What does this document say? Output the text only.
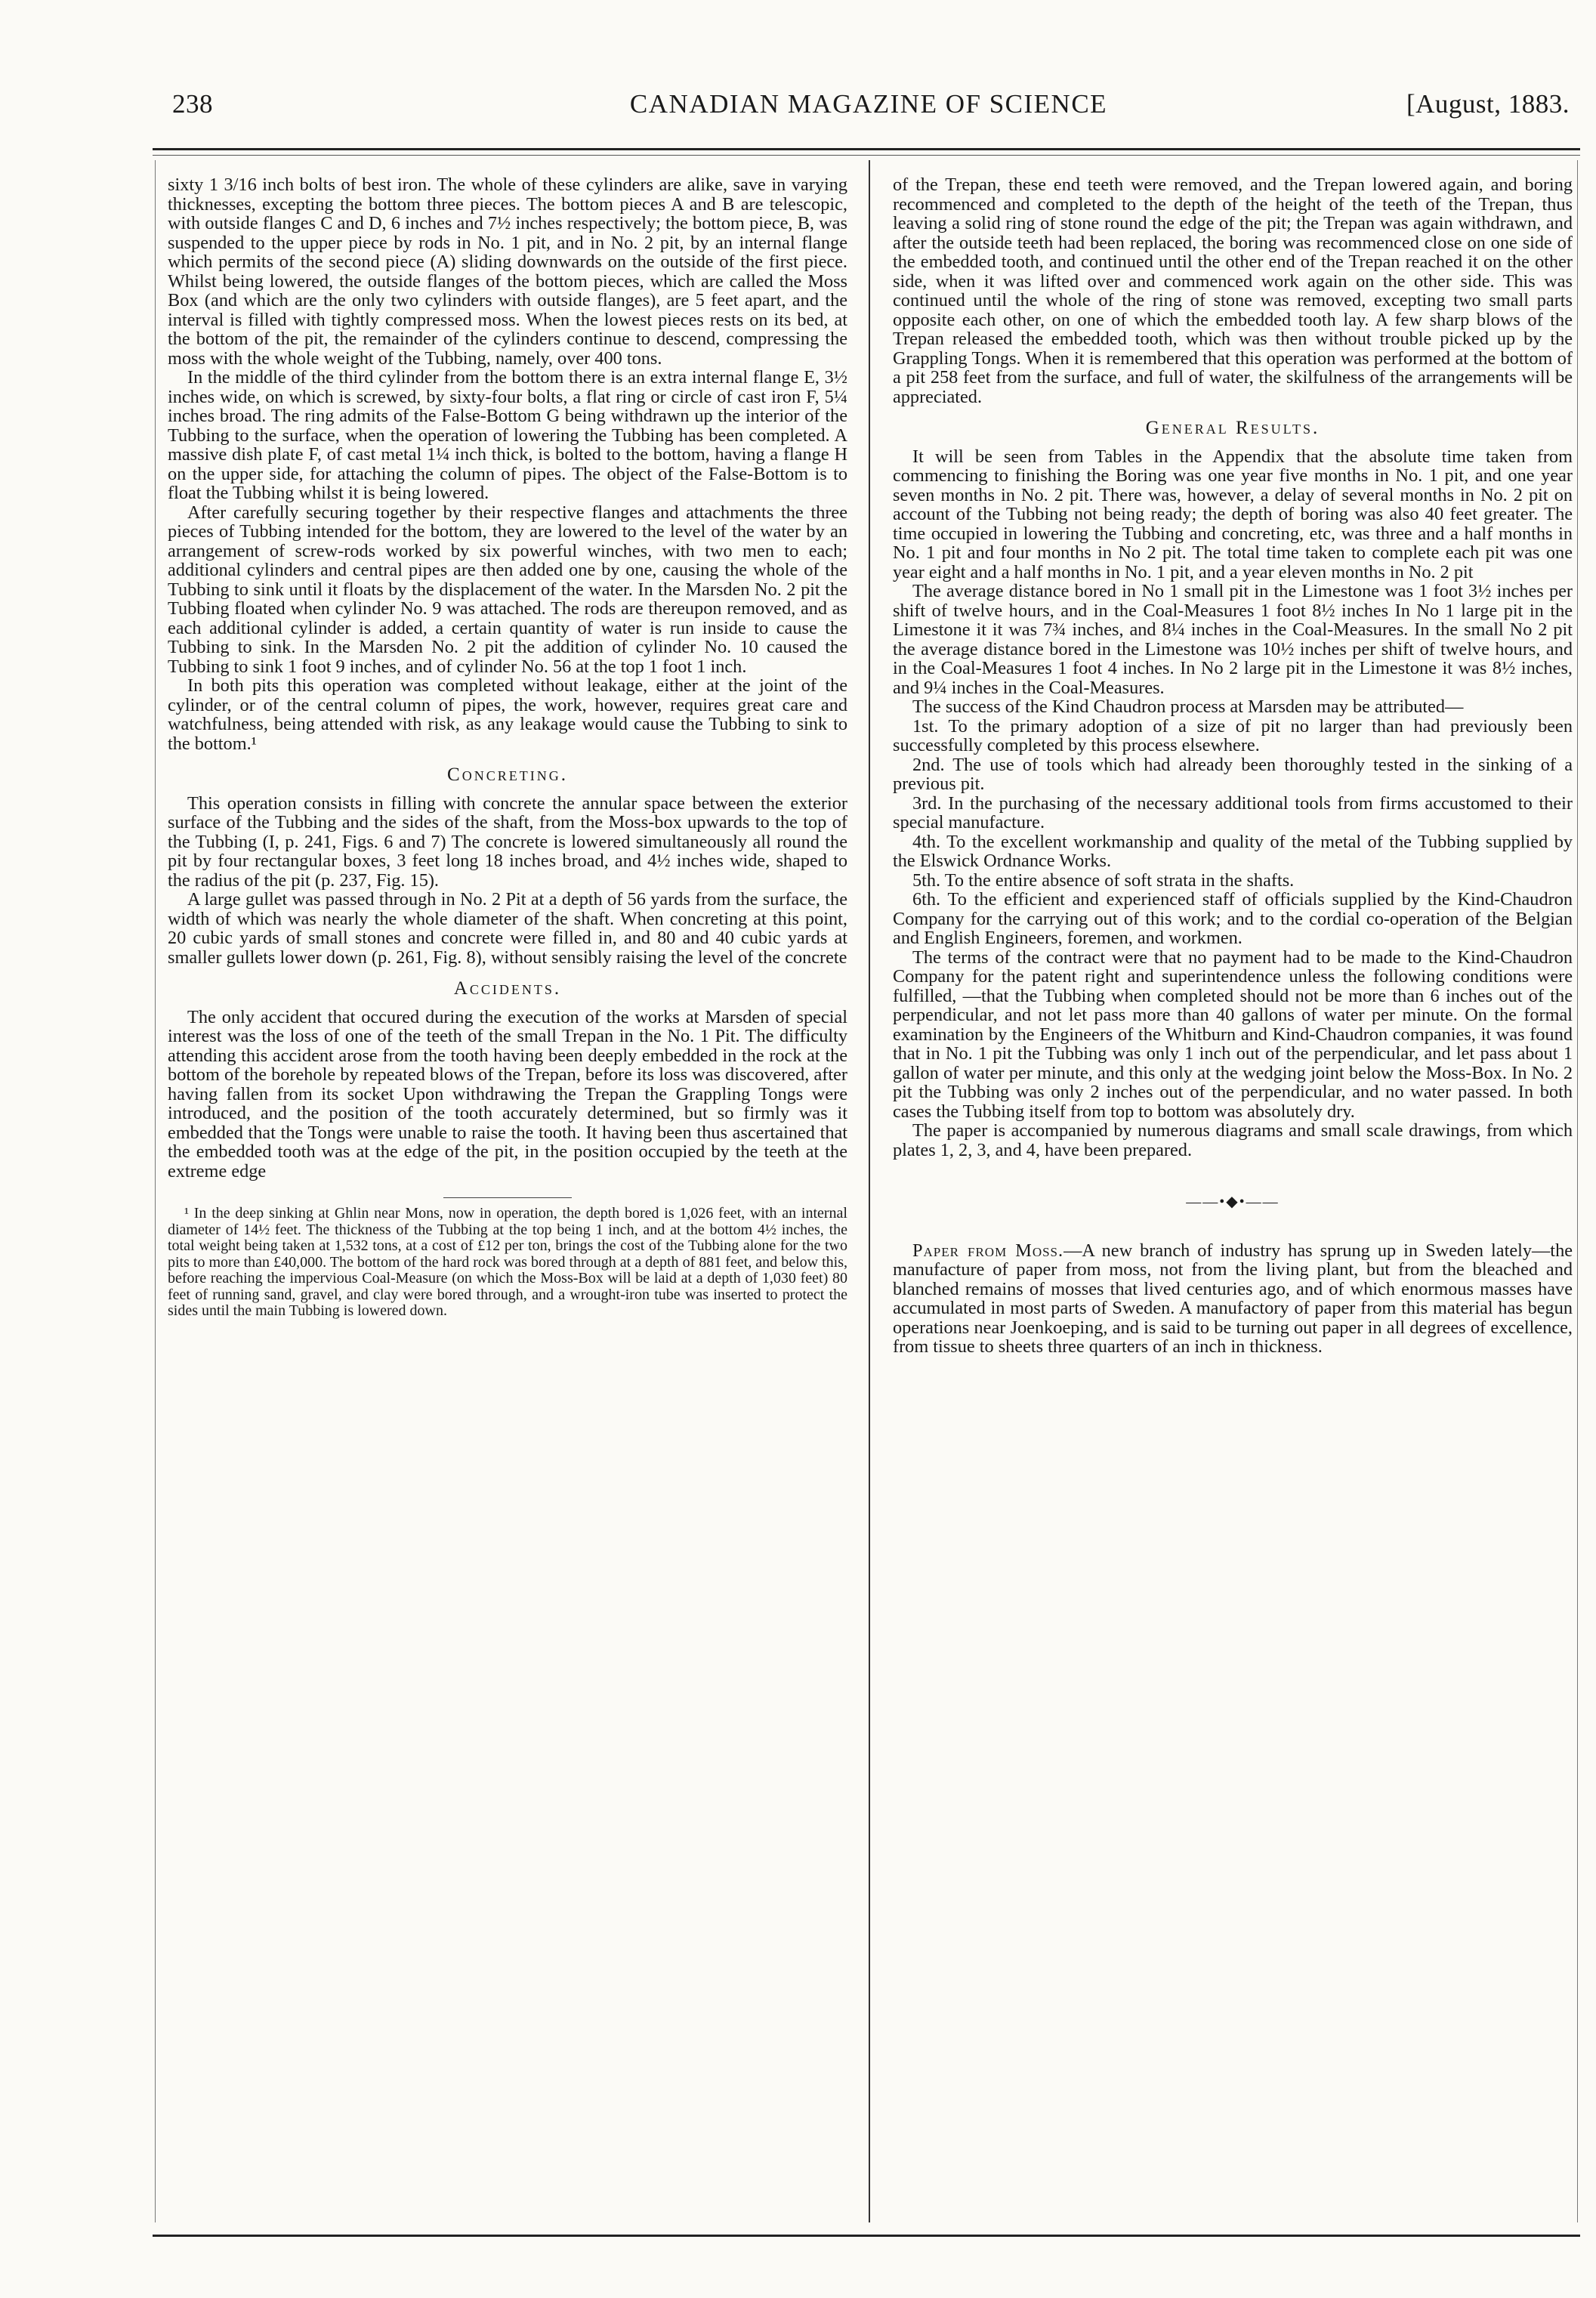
238	CANADIAN MAGAZINE OF SCIENCE	[August, 1883.

sixty 1 3/16 inch bolts of best iron. The whole of these cylinders are alike, save in varying thicknesses, excepting the bottom three pieces. The bottom pieces A and B are telescopic, with outside flanges C and D, 6 inches and 7½ inches respectively; the bottom piece, B, was suspended to the upper piece by rods in No. 1 pit, and in No. 2 pit, by an internal flange which permits of the second piece (A) sliding downwards on the outside of the first piece. Whilst being lowered, the outside flanges of the bottom pieces, which are called the Moss Box (and which are the only two cylinders with outside flanges), are 5 feet apart, and the interval is filled with tightly compressed moss. When the lowest pieces rests on its bed, at the bottom of the pit, the remainder of the cylinders continue to descend, compressing the moss with the whole weight of the Tubbing, namely, over 400 tons.

In the middle of the third cylinder from the bottom there is an extra internal flange E, 3½ inches wide, on which is screwed, by sixty-four bolts, a flat ring or circle of cast iron F, 5¼ inches broad. The ring admits of the False-Bottom G being withdrawn up the interior of the Tubbing to the surface, when the operation of lowering the Tubbing has been completed. A massive dish plate F, of cast metal 1¼ inch thick, is bolted to the bottom, having a flange H on the upper side, for attaching the column of pipes. The object of the False-Bottom is to float the Tubbing whilst it is being lowered.

After carefully securing together by their respective flanges and attachments the three pieces of Tubbing intended for the bottom, they are lowered to the level of the water by an arrangement of screw-rods worked by six powerful winches, with two men to each; additional cylinders and central pipes are then added one by one, causing the whole of the Tubbing to sink until it floats by the displacement of the water. In the Marsden No. 2 pit the Tubbing floated when cylinder No. 9 was attached. The rods are thereupon removed, and as each additional cylinder is added, a certain quantity of water is run inside to cause the Tubbing to sink. In the Marsden No. 2 pit the addition of cylinder No. 10 caused the Tubbing to sink 1 foot 9 inches, and of cylinder No. 56 at the top 1 foot 1 inch.

In both pits this operation was completed without leakage, either at the joint of the cylinder, or of the central column of pipes, the work, however, requires great care and watchfulness, being attended with risk, as any leakage would cause the Tubbing to sink to the bottom.¹

Concreting.

This operation consists in filling with concrete the annular space between the exterior surface of the Tubbing and the sides of the shaft, from the Moss-box upwards to the top of the Tubbing (I, p. 241, Figs. 6 and 7) The concrete is lowered simultaneously all round the pit by four rectangular boxes, 3 feet long 18 inches broad, and 4½ inches wide, shaped to the radius of the pit (p. 237, Fig. 15).

A large gullet was passed through in No. 2 Pit at a depth of 56 yards from the surface, the width of which was nearly the whole diameter of the shaft. When concreting at this point, 20 cubic yards of small stones and concrete were filled in, and 80 and 40 cubic yards at smaller gullets lower down (p. 261, Fig. 8), without sensibly raising the level of the concrete

Accidents.

The only accident that occured during the execution of the works at Marsden of special interest was the loss of one of the teeth of the small Trepan in the No. 1 Pit. The difficulty attending this accident arose from the tooth having been deeply embedded in the rock at the bottom of the borehole by repeated blows of the Trepan, before its loss was discovered, after having fallen from its socket Upon withdrawing the Trepan the Grappling Tongs were introduced, and the position of the tooth accurately determined, but so firmly was it embedded that the Tongs were unable to raise the tooth. It having been thus ascertained that the embedded tooth was at the edge of the pit, in the position occupied by the teeth at the extreme edge

¹ In the deep sinking at Ghlin near Mons, now in operation, the depth bored is 1,026 feet, with an internal diameter of 14½ feet. The thickness of the Tubbing at the top being 1 inch, and at the bottom 4½ inches, the total weight being taken at 1,532 tons, at a cost of £12 per ton, brings the cost of the Tubbing alone for the two pits to more than £40,000. The bottom of the hard rock was bored through at a depth of 881 feet, and below this, before reaching the impervious Coal-Measure (on which the Moss-Box will be laid at a depth of 1,030 feet) 80 feet of running sand, gravel, and clay were bored through, and a wrought-iron tube was inserted to protect the sides until the main Tubbing is lowered down.

of the Trepan, these end teeth were removed, and the Trepan lowered again, and boring recommenced and completed to the depth of the height of the teeth of the Trepan, thus leaving a solid ring of stone round the edge of the pit; the Trepan was again withdrawn, and after the outside teeth had been replaced, the boring was recommenced close on one side of the embedded tooth, and continued until the other end of the Trepan reached it on the other side, when it was lifted over and commenced work again on the other side. This was continued until the whole of the ring of stone was removed, excepting two small parts opposite each other, on one of which the embedded tooth lay. A few sharp blows of the Trepan released the embedded tooth, which was then without trouble picked up by the Grappling Tongs. When it is remembered that this operation was performed at the bottom of a pit 258 feet from the surface, and full of water, the skilfulness of the arrangements will be appreciated.

General Results.

It will be seen from Tables in the Appendix that the absolute time taken from commencing to finishing the Boring was one year five months in No. 1 pit, and one year seven months in No. 2 pit. There was, however, a delay of several months in No. 2 pit on account of the Tubbing not being ready; the depth of boring was also 40 feet greater. The time occupied in lowering the Tubbing and concreting, etc, was three and a half months in No. 1 pit and four months in No 2 pit. The total time taken to complete each pit was one year eight and a half months in No. 1 pit, and a year eleven months in No. 2 pit

The average distance bored in No 1 small pit in the Limestone was 1 foot 3½ inches per shift of twelve hours, and in the Coal-Measures 1 foot 8½ inches In No 1 large pit in the Limestone it it was 7¾ inches, and 8¼ inches in the Coal-Measures. In the small No 2 pit the average distance bored in the Limestone was 10½ inches per shift of twelve hours, and in the Coal-Measures 1 foot 4 inches. In No 2 large pit in the Limestone it was 8½ inches, and 9¼ inches in the Coal-Measures.

The success of the Kind Chaudron process at Marsden may be attributed—

1st. To the primary adoption of a size of pit no larger than had previously been successfully completed by this process elsewhere.

2nd. The use of tools which had already been thoroughly tested in the sinking of a previous pit.

3rd. In the purchasing of the necessary additional tools from firms accustomed to their special manufacture.

4th. To the excellent workmanship and quality of the metal of the Tubbing supplied by the Elswick Ordnance Works.

5th. To the entire absence of soft strata in the shafts.

6th. To the efficient and experienced staff of officials supplied by the Kind-Chaudron Company for the carrying out of this work; and to the cordial co-operation of the Belgian and English Engineers, foremen, and workmen.

The terms of the contract were that no payment had to be made to the Kind-Chaudron Company for the patent right and superintendence unless the following conditions were fulfilled, —that the Tubbing when completed should not be more than 6 inches out of the perpendicular, and not let pass more than 40 gallons of water per minute. On the formal examination by the Engineers of the Whitburn and Kind-Chaudron companies, it was found that in No. 1 pit the Tubbing was only 1 inch out of the perpendicular, and let pass about 1 gallon of water per minute, and this only at the wedging joint below the Moss-Box. In No. 2 pit the Tubbing was only 2 inches out of the perpendicular, and no water passed. In both cases the Tubbing itself from top to bottom was absolutely dry.

The paper is accompanied by numerous diagrams and small scale drawings, from which plates 1, 2, 3, and 4, have been prepared.

——•◆•——

Paper from Moss.—A new branch of industry has sprung up in Sweden lately—the manufacture of paper from moss, not from the living plant, but from the bleached and blanched remains of mosses that lived centuries ago, and of which enormous masses have accumulated in most parts of Sweden. A manufactory of paper from this material has begun operations near Joenkoeping, and is said to be turning out paper in all degrees of excellence, from tissue to sheets three quarters of an inch in thickness.
